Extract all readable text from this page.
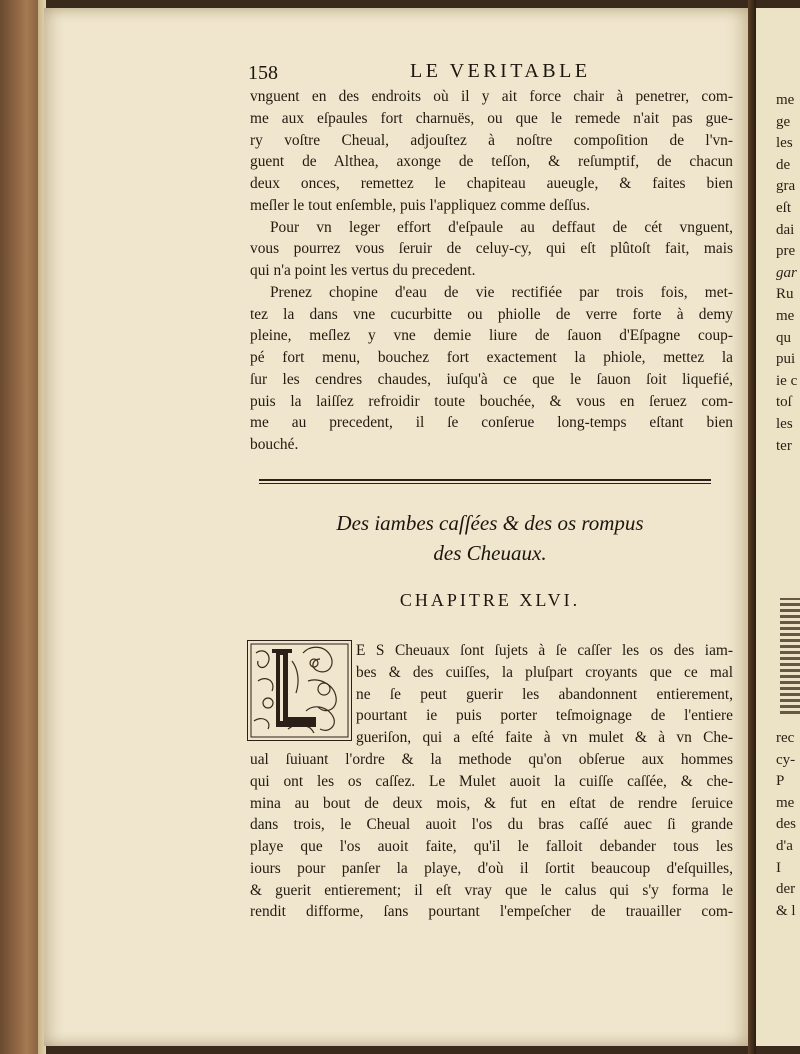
158	LE VERITABLE
vnguent en des endroits où il y ait force chair à penetrer, com-
me aux eſpaules fort charnuës, ou que le remede n'ait pas gue-
ry voſtre Cheual, adjouſtez à noſtre compoſition de l'vn-
guent de Althea, axonge de teſſon, & reſumptif, de chacun
deux onces, remettez le chapiteau aueugle, & faites bien
meſler le tout enſemble, puis l'appliquez comme deſſus.
Pour vn leger effort d'eſpaule au deffaut de cét vnguent,
vous pourrez vous ſeruir de celuy-cy, qui eſt plûtoſt fait, mais
qui n'a point les vertus du precedent.
Prenez chopine d'eau de vie rectifiée par trois fois, met-
tez la dans vne cucurbitte ou phiolle de verre forte à demy
pleine, meſlez y vne demie liure de ſauon d'Eſpagne coup-
pé fort menu, bouchez fort exactement la phiole, mettez la
ſur les cendres chaudes, iuſqu'à ce que le ſauon ſoit liquefié,
puis la laiſſez refroidir toute bouchée, & vous en ſeruez com-
me au precedent, il ſe conſerue long-temps eſtant bien
bouché.
Des iambes caſſées & des os rompus
des Cheuaux.
CHAPITRE XLVI.
E S Cheuaux ſont ſujets à ſe caſſer les os des iam-
bes & des cuiſſes, la pluſpart croyants que ce mal
ne ſe peut guerir les abandonnent entierement,
pourtant ie puis porter teſmoignage de l'entiere
gueriſon, qui a eſté faite à vn mulet & à vn Che-
ual ſuiuant l'ordre & la methode qu'on obſerue aux hommes
qui ont les os caſſez. Le Mulet auoit la cuiſſe caſſée, & che-
mina au bout de deux mois, & fut en eſtat de rendre ſeruice
dans trois, le Cheual auoit l'os du bras caſſé auec ſi grande
playe que l'os auoit faite, qu'il le falloit debander tous les
iours pour panſer la playe, d'où il ſortit beaucoup d'eſquilles,
& guerit entierement; il eſt vray que le calus qui s'y forma le
rendit difforme, ſans pourtant l'empeſcher de trauailler com-
me
ge
les
de
gra
eſt
dai
pre
gar
Ru
me
qu
pui
ie c
toſ
les
ter
rec
cy-
P
me
des
d'a
I
der
& l
